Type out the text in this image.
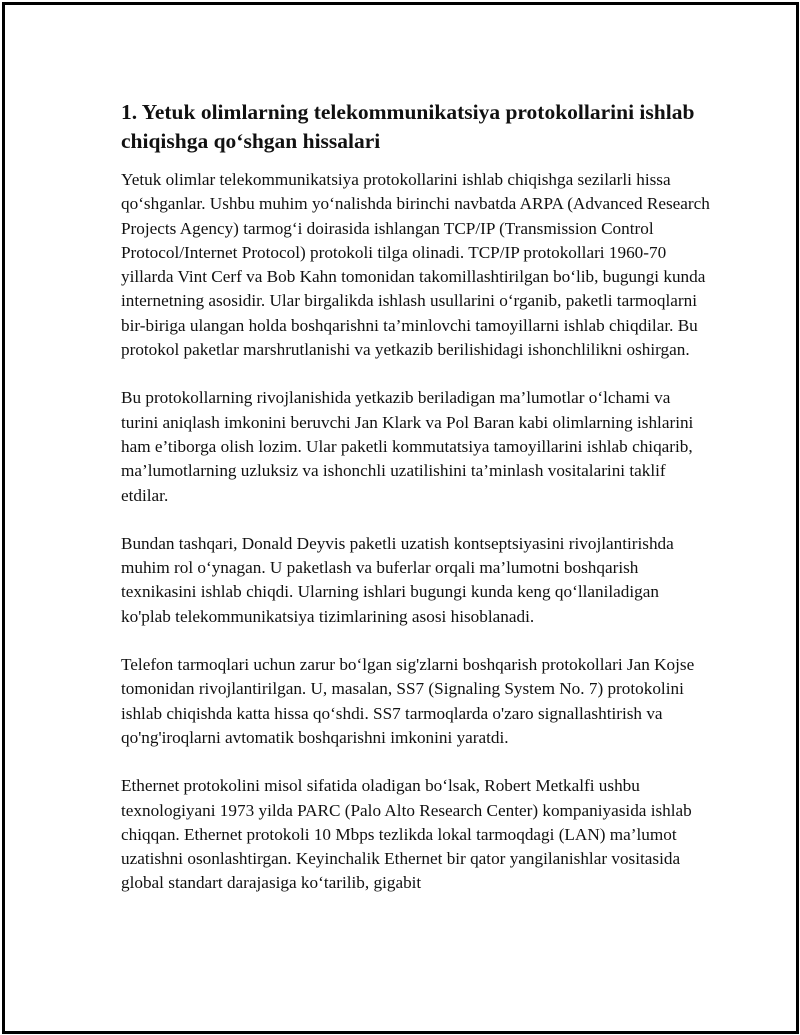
1. Yetuk olimlarning telekommunikatsiya protokollarini ishlab chiqishga qo‘shgan hissalari

Yetuk olimlar telekommunikatsiya protokollarini ishlab chiqishga sezilarli hissa qo‘shganlar. Ushbu muhim yo‘nalishda birinchi navbatda ARPA (Advanced Research Projects Agency) tarmog‘i doirasida ishlangan TCP/IP (Transmission Control Protocol/Internet Protocol) protokoli tilga olinadi. TCP/IP protokollari 1960-70 yillarda Vint Cerf va Bob Kahn tomonidan takomillashtirilgan bo‘lib, bugungi kunda internetning asosidir. Ular birgalikda ishlash usullarini o‘rganib, paketli tarmoqlarni bir-biriga ulangan holda boshqarishni ta’minlovchi tamoyillarni ishlab chiqdilar. Bu protokol paketlar marshrutlanishi va yetkazib berilishidagi ishonchlilikni oshirgan.

Bu protokollarning rivojlanishida yetkazib beriladigan ma’lumotlar o‘lchami va turini aniqlash imkonini beruvchi Jan Klark va Pol Baran kabi olimlarning ishlarini ham e’tiborga olish lozim. Ular paketli kommutatsiya tamoyillarini ishlab chiqarib, ma’lumotlarning uzluksiz va ishonchli uzatilishini ta’minlash vositalarini taklif etdilar.

Bundan tashqari, Donald Deyvis paketli uzatish kontseptsiyasini rivojlantirishda muhim rol o‘ynagan. U paketlash va buferlar orqali ma’lumotni boshqarish texnikasini ishlab chiqdi. Ularning ishlari bugungi kunda keng qo‘llaniladigan ko'plab telekommunikatsiya tizimlarining asosi hisoblanadi.

Telefon tarmoqlari uchun zarur bo‘lgan sig'zlarni boshqarish protokollari Jan Kojse tomonidan rivojlantirilgan. U, masalan, SS7 (Signaling System No. 7) protokolini ishlab chiqishda katta hissa qo‘shdi. SS7 tarmoqlarda o'zaro signallashtirish va qo'ng'iroqlarni avtomatik boshqarishni imkonini yaratdi.

Ethernet protokolini misol sifatida oladigan bo‘lsak, Robert Metkalfi ushbu texnologiyani 1973 yilda PARC (Palo Alto Research Center) kompaniyasida ishlab chiqqan. Ethernet protokoli 10 Mbps tezlikda lokal tarmoqdagi (LAN) ma’lumot uzatishni osonlashtirgan. Keyinchalik Ethernet bir qator yangilanishlar vositasida global standart darajasiga ko‘tarilib, gigabit
